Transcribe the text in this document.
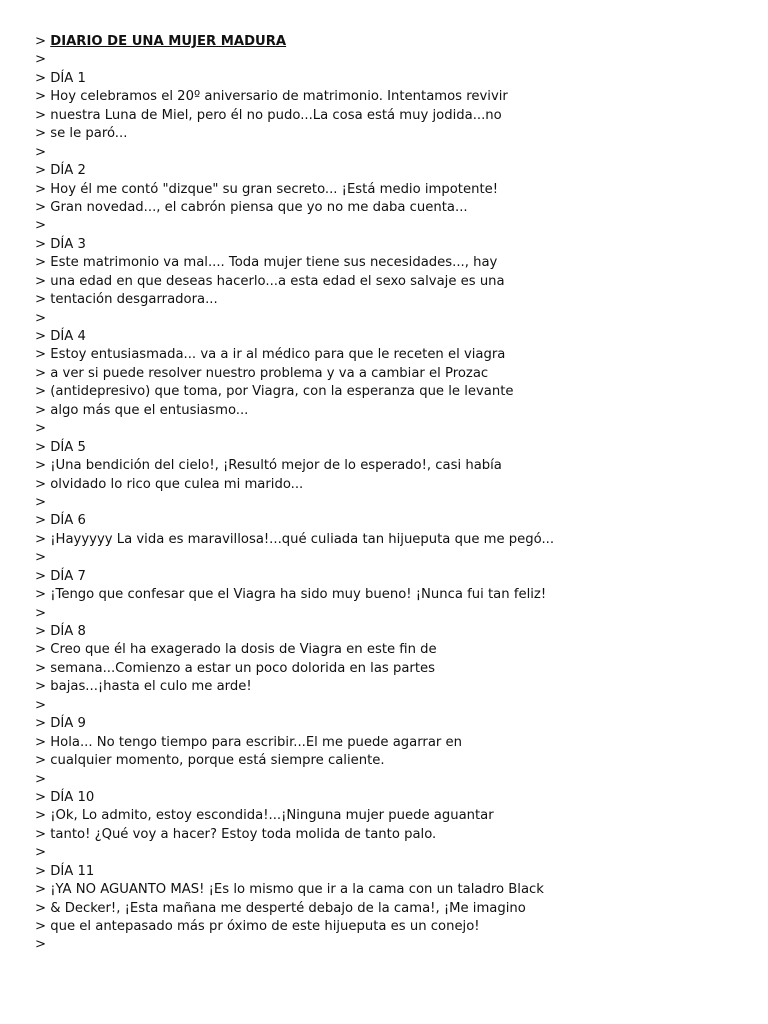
> DIARIO DE UNA MUJER MADURA
>
> DÍA 1
> Hoy celebramos el 20º aniversario de matrimonio. Intentamos revivir
> nuestra Luna de Miel, pero él no pudo...La cosa está muy jodida...no
> se le paró...
>
> DÍA 2
> Hoy él me contó "dizque" su gran secreto... ¡Está medio impotente!
> Gran novedad..., el cabrón piensa que yo no me daba cuenta...
>
> DÍA 3
> Este matrimonio va mal.... Toda mujer tiene sus necesidades..., hay
> una edad en que deseas hacerlo...a esta edad el sexo salvaje es una
> tentación desgarradora...
>
> DÍA 4
> Estoy entusiasmada... va a ir al médico para que le receten el viagra
> a ver si puede resolver nuestro problema y va a cambiar el Prozac
> (antidepresivo) que toma, por Viagra, con la esperanza que le levante
> algo más que el entusiasmo...
>
> DÍA 5
> ¡Una bendición del cielo!, ¡Resultó mejor de lo esperado!, casi había
> olvidado lo rico que culea mi marido...
>
> DÍA 6
> ¡Hayyyyy La vida es maravillosa!...qué culiada tan hijueputa que me pegó...
>
> DÍA 7
> ¡Tengo que confesar que el Viagra ha sido muy bueno! ¡Nunca fui tan feliz!
>
> DÍA 8
> Creo que él ha exagerado la dosis de Viagra en este fin de
> semana...Comienzo a estar un poco dolorida en las partes
> bajas...¡hasta el culo me arde!
>
> DÍA 9
> Hola... No tengo tiempo para escribir...El me puede agarrar en
> cualquier momento, porque está siempre caliente.
>
> DÍA 10
> ¡Ok, Lo admito, estoy escondida!...¡Ninguna mujer puede aguantar
> tanto! ¿Qué voy a hacer? Estoy toda molida de tanto palo.
>
> DÍA 11
> ¡YA NO AGUANTO MAS! ¡Es lo mismo que ir a la cama con un taladro Black
> & Decker!, ¡Esta mañana me desperté debajo de la cama!, ¡Me imagino
> que el antepasado más pr óximo de este hijueputa es un conejo!
>
